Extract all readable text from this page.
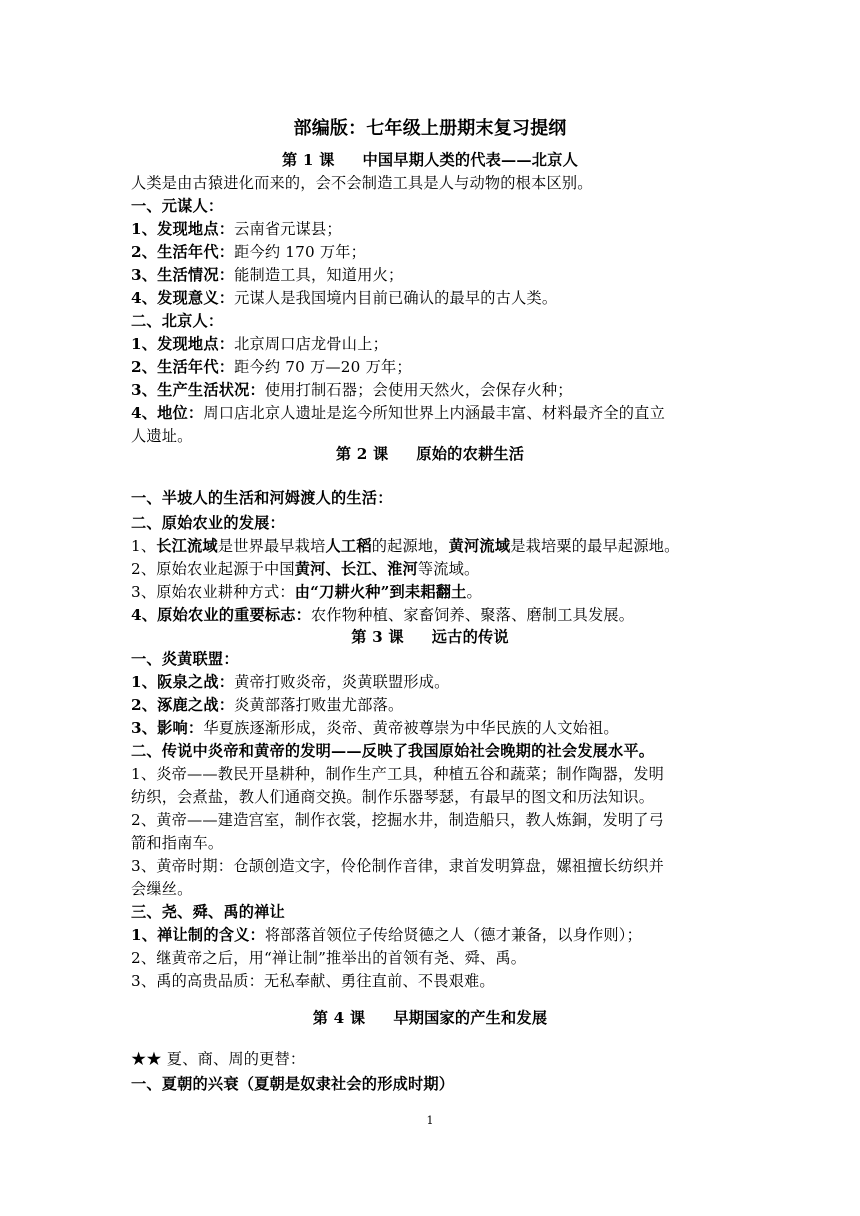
部编版：七年级上册期末复习提纲
第 1 课 中国早期人类的代表——北京人
人类是由古猿进化而来的，会不会制造工具是人与动物的根本区别。
一、元谋人：
1、发现地点：云南省元谋县；
2、生活年代：距今约 170 万年；
3、生活情况：能制造工具，知道用火；
4、发现意义：元谋人是我国境内目前已确认的最早的古人类。
二、北京人：
1、发现地点：北京周口店龙骨山上；
2、生活年代：距今约 70 万—20 万年；
3、生产生活状况：使用打制石器；会使用天然火，会保存火种；
4、地位：周口店北京人遗址是迄今所知世界上内涵最丰富、材料最齐全的直立
人遗址。
第 2 课 原始的农耕生活
一、半坡人的生活和河姆渡人的生活：
二、原始农业的发展：
1、长江流域是世界最早栽培人工稻的起源地，黄河流域是栽培粟的最早起源地。
2、原始农业起源于中国黄河、长江、淮河等流域。
3、原始农业耕种方式：由“刀耕火种”到耒耜翻土。
4、原始农业的重要标志：农作物种植、家畜饲养、聚落、磨制工具发展。
第 3 课 远古的传说
一、炎黄联盟：
1、阪泉之战：黄帝打败炎帝，炎黄联盟形成。
2、涿鹿之战：炎黄部落打败蚩尤部落。
3、影响：华夏族逐渐形成，炎帝、黄帝被尊崇为中华民族的人文始祖。
二、传说中炎帝和黄帝的发明——反映了我国原始社会晚期的社会发展水平。
1、炎帝——教民开垦耕种，制作生产工具，种植五谷和蔬菜；制作陶器，发明
纺织，会煮盐，教人们通商交换。制作乐器琴瑟，有最早的图文和历法知识。
2、黄帝——建造宫室，制作衣裳，挖掘水井，制造船只，教人炼銅，发明了弓
箭和指南车。
3、黄帝时期：仓颉创造文字，伶伦制作音律，隶首发明算盘，嫘祖擅长纺织并
会缫丝。
三、尧、舜、禹的禅让
1、禅让制的含义：将部落首领位子传给贤德之人（德才兼备，以身作则）；
2、继黄帝之后，用“禅让制”推举出的首领有尧、舜、禹。
3、禹的高贵品质：无私奉献、勇往直前、不畏艰难。
第 4 课 早期国家的产生和发展
★★ 夏、商、周的更替：
一、夏朝的兴衰（夏朝是奴隶社会的形成时期）
1
